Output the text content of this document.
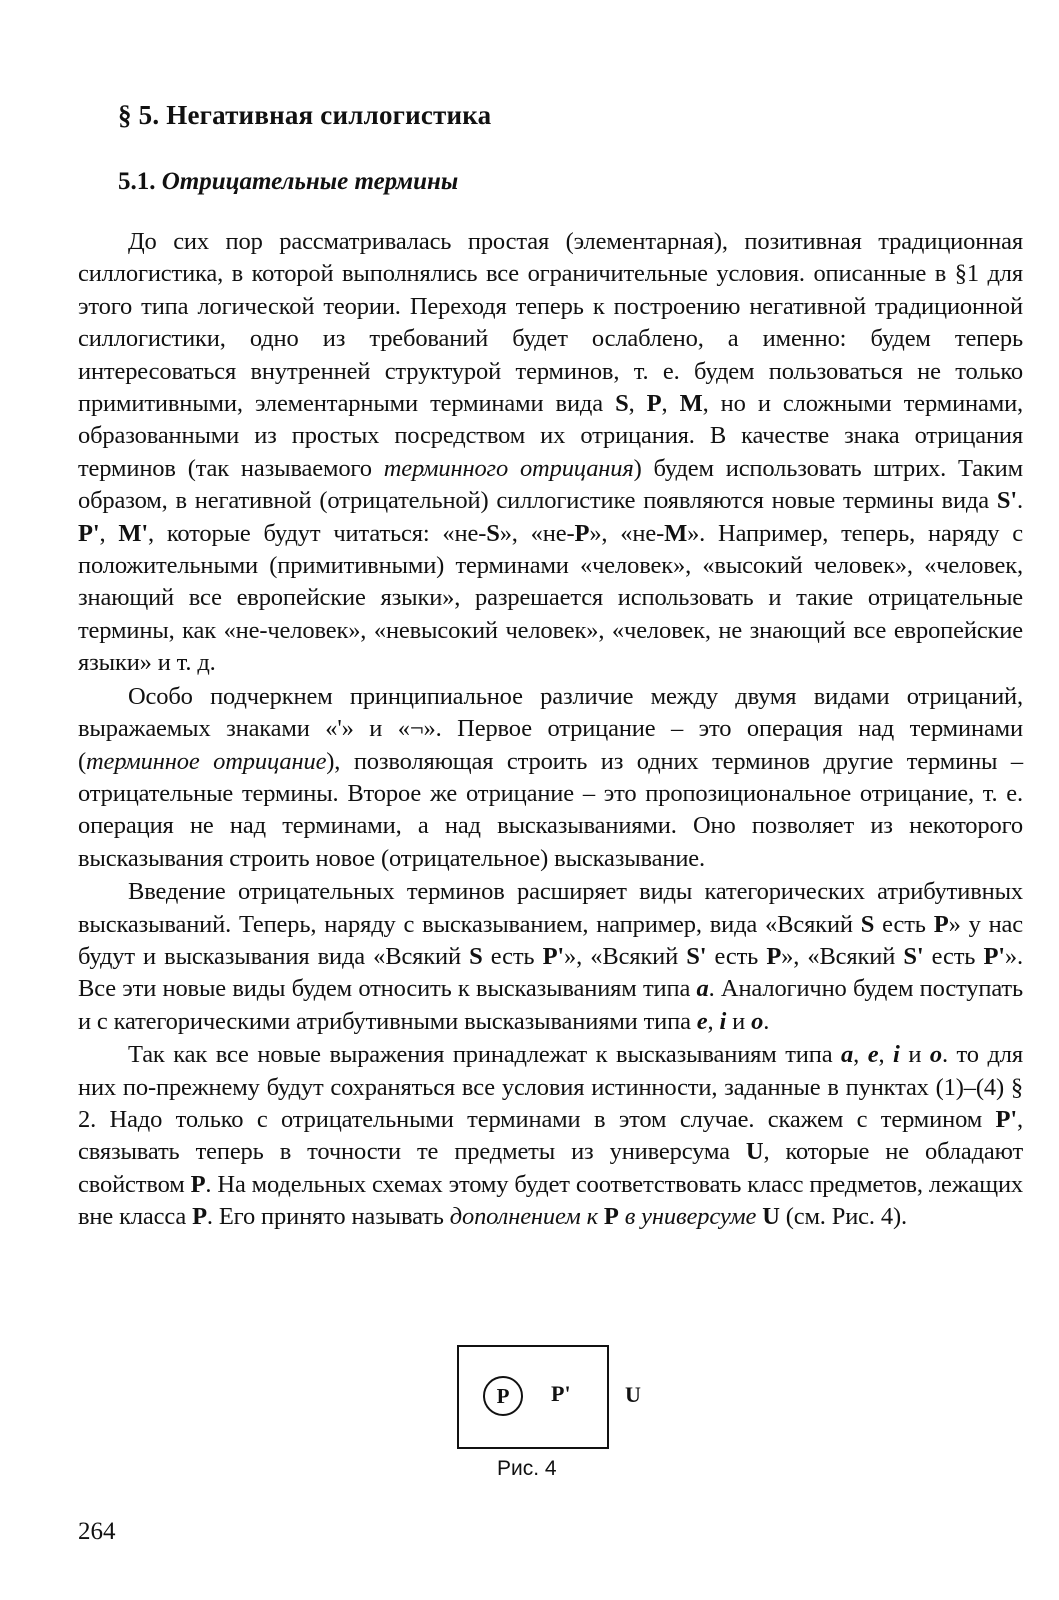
§ 5. Негативная силлогистика
5.1. Отрицательные термины

До сих пор рассматривалась простая (элементарная), позитивная традиционная силлогистика, в которой выполнялись все ограничительные условия. описанные в §1 для этого типа логической теории. Переходя теперь к построению негативной традиционной силлогистики, одно из требований будет ослаблено, а именно: будем теперь интересоваться внутренней структурой терминов, т. е. будем пользоваться не только примитивными, элементарными терминами вида S, P, M, но и сложными терминами, образованными из простых посредством их отрицания. В качестве знака отрицания терминов (так называемого терминного отрицания) будем использовать штрих. Таким образом, в негативной (отрицательной) силлогистике появляются новые термины вида S'. P', M', которые будут читаться: «не-S», «не-P», «не-M». Например, теперь, наряду с положительными (примитивными) терминами «человек», «высокий человек», «человек, знающий все европейские языки», разрешается использовать и такие отрицательные термины, как «не-человек», «невысокий человек», «человек, не знающий все европейские языки» и т. д.

Особо подчеркнем принципиальное различие между двумя видами отрицаний, выражаемых знаками «'» и «¬». Первое отрицание – это операция над терминами (терминное отрицание), позволяющая строить из одних терминов другие термины – отрицательные термины. Второе же отрицание – это пропозициональное отрицание, т. е. операция не над терминами, а над высказываниями. Оно позволяет из некоторого высказывания строить новое (отрицательное) высказывание.

Введение отрицательных терминов расширяет виды категорических атрибутивных высказываний. Теперь, наряду с высказыванием, например, вида «Всякий S есть P» у нас будут и высказывания вида «Всякий S есть P'», «Всякий S' есть P», «Всякий S' есть P'». Все эти новые виды будем относить к высказываниям типа a. Аналогично будем поступать и с категорическими атрибутивными высказываниями типа e, i и o.

Так как все новые выражения принадлежат к высказываниям типа a, e, i и o. то для них по-прежнему будут сохраняться все условия истинности, заданные в пунктах (1)–(4) § 2. Надо только с отрицательными терминами в этом случае. скажем с термином P', связывать теперь в точности те предметы из универсума U, которые не обладают свойством P. На модельных схемах этому будет соответствовать класс предметов, лежащих вне класса P. Его принято называть дополнением к P в универсуме U (см. Рис. 4).

P	P' U
Рис. 4
264
